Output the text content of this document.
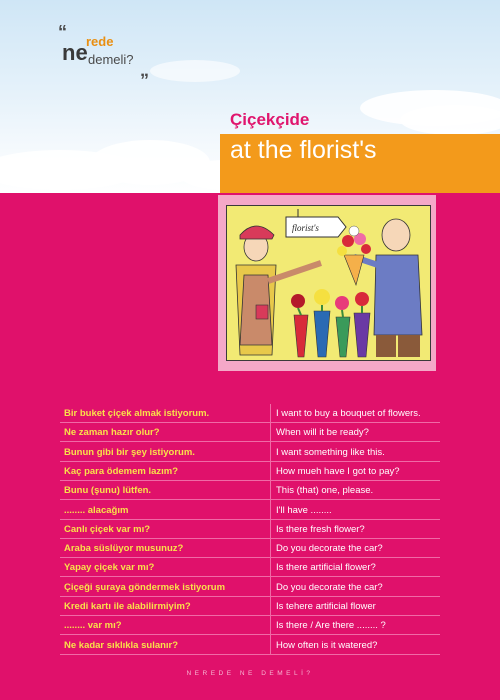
“
ne
rede
demeli?
„
Çiçekçide
at the florist's
florist's
Bir buket çiçek almak istiyorum.	I want to buy a bouquet of flowers.
Ne zaman hazır olur?	When will it be ready?
Bunun gibi bir şey istiyorum.	I want something like this.
Kaç para ödemem lazım?	How mueh have I got to pay?
Bunu (şunu) lütfen.	This (that) one, please.
........ alacağım	I'll have ........
Canlı çiçek var mı?	Is there fresh flower?
Araba süslüyor musunuz?	Do you decorate the car?
Yapay çiçek var mı?	Is there artificial flower?
Çiçeği şuraya göndermek istiyorum	Do you decorate the car?
Kredi kartı ile alabilirmiyim?	Is tehere artificial flower
........ var mı?	Is there / Are there ........ ?
Ne kadar sıklıkla sulanır?	How often is it watered?
NEREDE NE DEMELİ?
